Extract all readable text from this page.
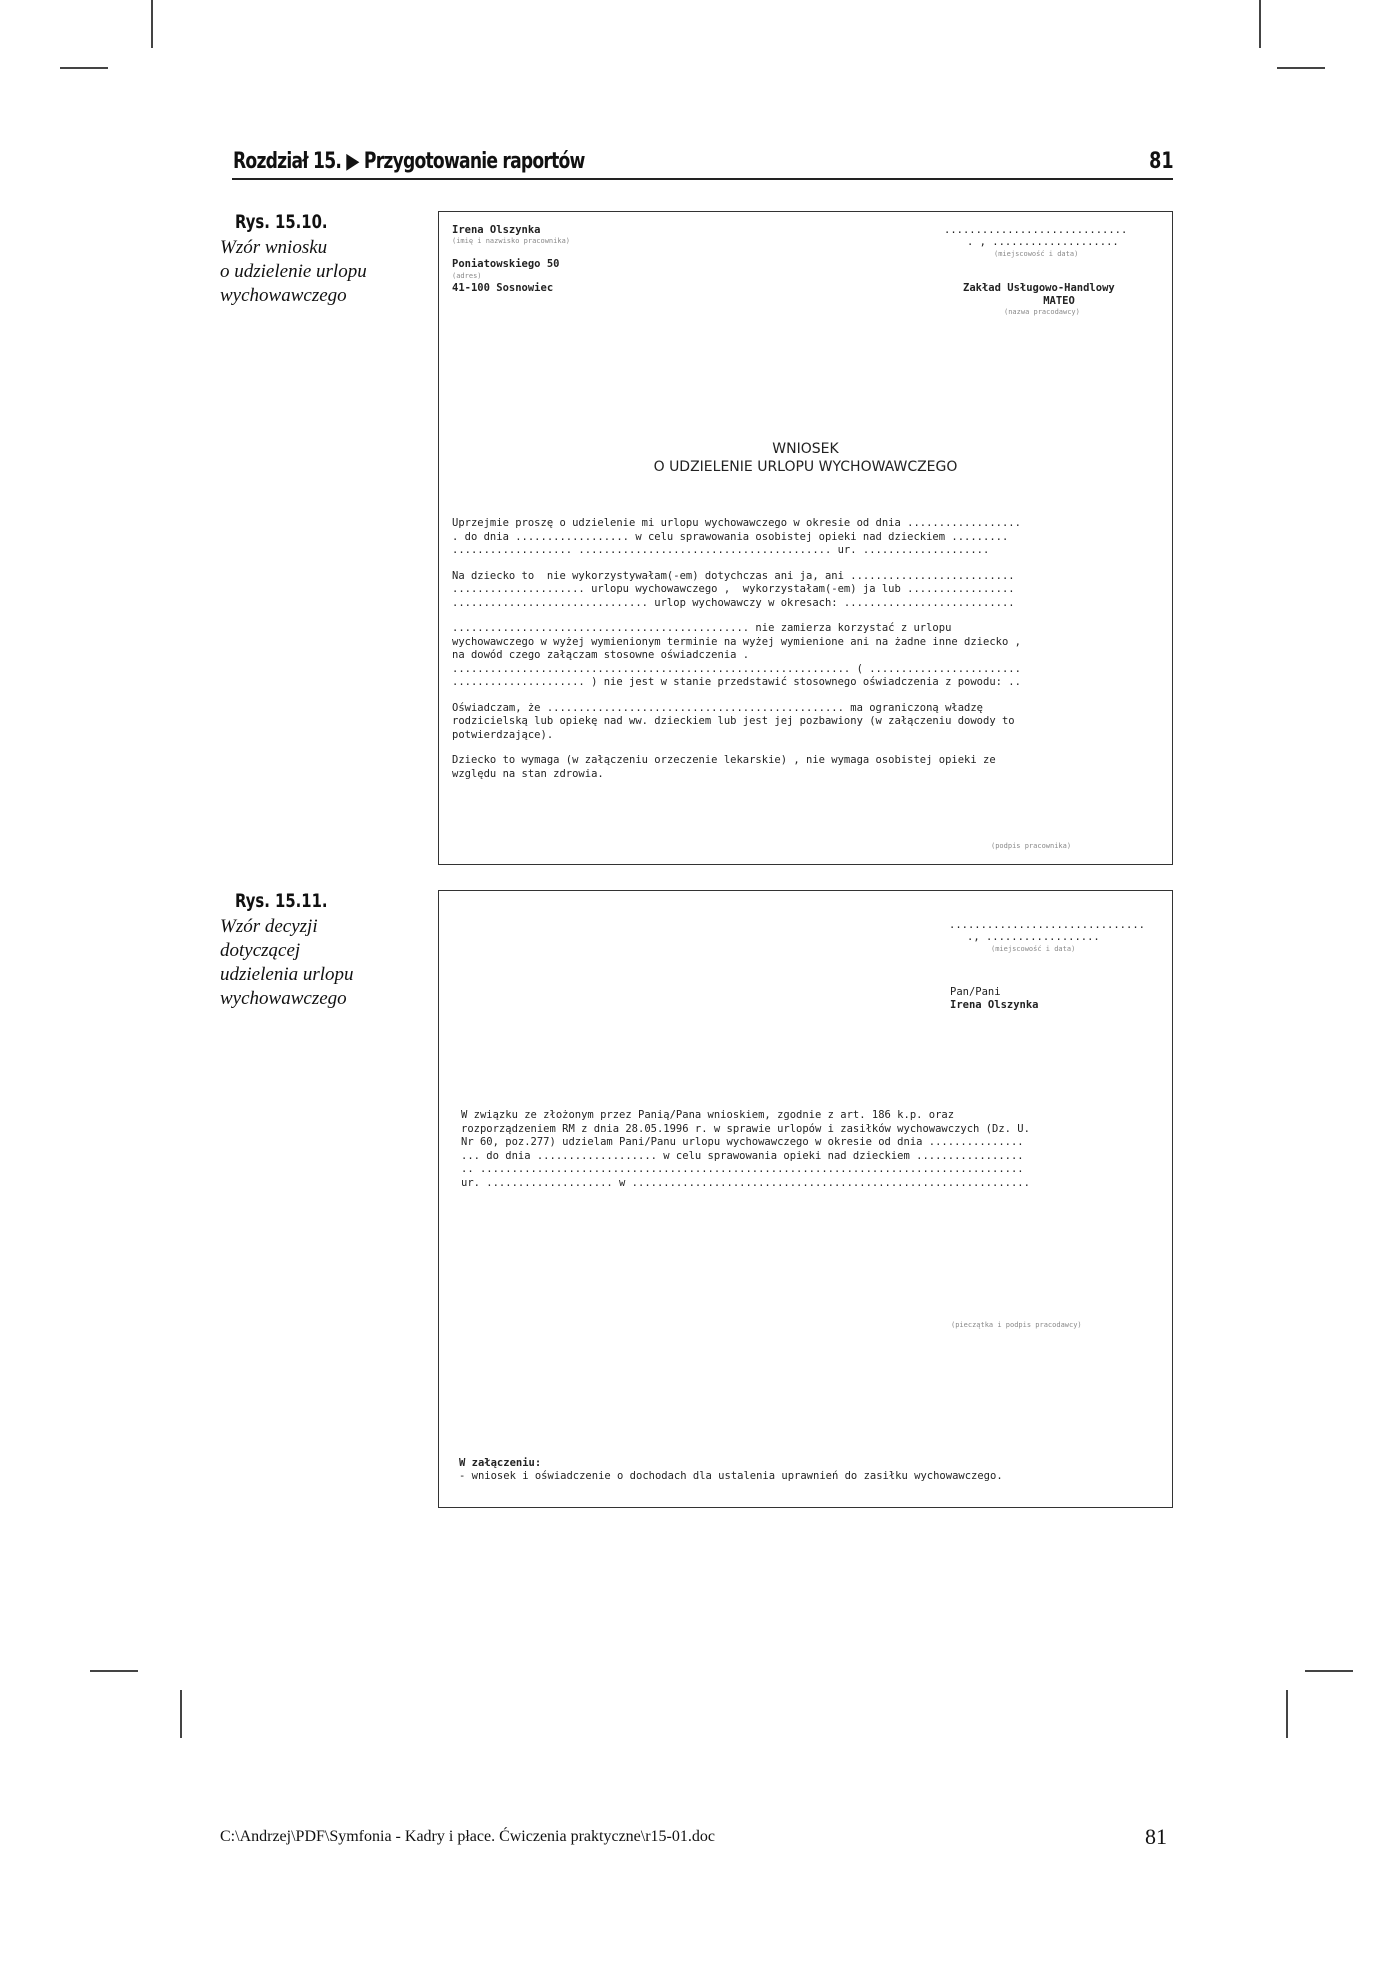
Rozdział 15. ▶ Przygotowanie raportów	81
Rys. 15.10.
Wzór wniosku
o udzielenie urlopu
wychowawczego
Irena Olszynka
(imię i nazwisko pracownika)
Poniatowskiego 50
(adres)
41-100 Sosnowiec
.............................
. , ....................
(miejscowość i data)
Zakład Usługowo-Handlowy
MATEO
(nazwa pracodawcy)
WNIOSEK
O UDZIELENIE URLOPU WYCHOWAWCZEGO
Uprzejmie proszę o udzielenie mi urlopu wychowawczego w okresie od dnia ..................
. do dnia .................. w celu sprawowania osobistej opieki nad dzieckiem .........
................... ........................................ ur. ....................
Na dziecko to  nie wykorzystywałam(-em) dotychczas ani ja, ani ..........................
..................... urlopu wychowawczego ,  wykorzystałam(-em) ja lub .................
............................... urlop wychowawczy w okresach: ...........................
............................................... nie zamierza korzystać z urlopu
wychowawczego w wyżej wymienionym terminie na wyżej wymienione ani na żadne inne dziecko ,
na dowód czego załączam stosowne oświadczenia .
............................................................... ( ........................
..................... ) nie jest w stanie przedstawić stosownego oświadczenia z powodu: ..
Oświadczam, że ............................................... ma ograniczoną władzę
rodzicielską lub opiekę nad ww. dzieckiem lub jest jej pozbawiony (w załączeniu dowody to
potwierdzające).
Dziecko to wymaga (w załączeniu orzeczenie lekarskie) , nie wymaga osobistej opieki ze
względu na stan zdrowia.
(podpis pracownika)
Rys. 15.11.
Wzór decyzji
dotyczącej
udzielenia urlopu
wychowawczego
...............................
., ..................
(miejscowość i data)
Pan/Pani
Irena Olszynka
W związku ze złożonym przez Panią/Pana wnioskiem, zgodnie z art. 186 k.p. oraz
rozporządzeniem RM z dnia 28.05.1996 r. w sprawie urlopów i zasiłków wychowawczych (Dz. U.
Nr 60, poz.277) udzielam Pani/Panu urlopu wychowawczego w okresie od dnia ...............
... do dnia ................... w celu sprawowania opieki nad dzieckiem .................
.. ......................................................................................
ur. .................... w ...............................................................
(pieczątka i podpis pracodawcy)
W załączeniu:
- wniosek i oświadczenie o dochodach dla ustalenia uprawnień do zasiłku wychowawczego.
C:\Andrzej\PDF\Symfonia - Kadry i płace. Ćwiczenia praktyczne\r15-01.doc	81
